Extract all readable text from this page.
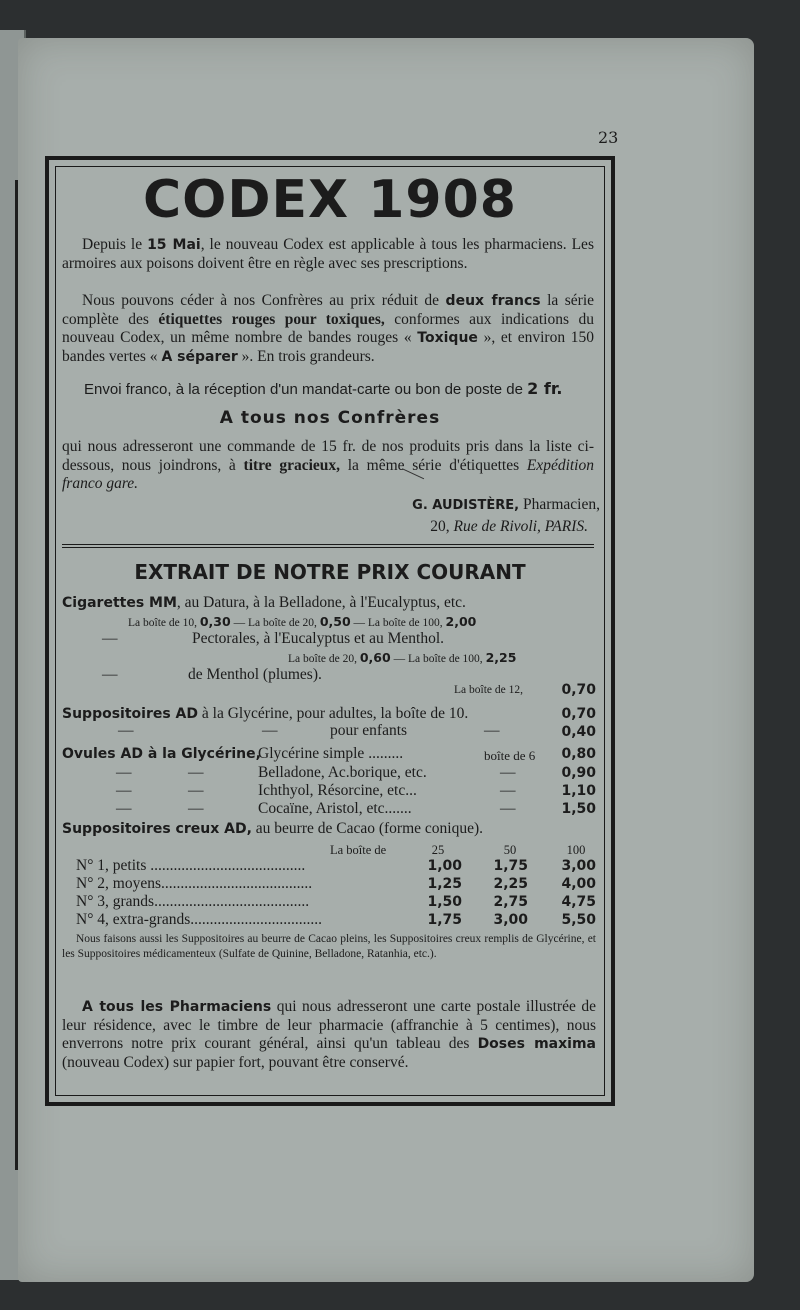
23
CODEX 1908
Depuis le 15 Mai, le nouveau Codex est applicable à tous les pharmaciens. Les armoires aux poisons doivent être en règle avec ses prescriptions.
Nous pouvons céder à nos Confrères au prix réduit de deux francs la série complète des étiquettes rouges pour toxiques, conformes aux indications du nouveau Codex, un même nombre de bandes rouges « Toxique », et environ 150 bandes vertes « A séparer ». En trois grandeurs.
Envoi franco, à la réception d'un mandat-carte ou bon de poste de 2 fr.
A tous nos Confrères
qui nous adresseront une commande de 15 fr. de nos produits pris dans la liste ci-dessous, nous joindrons, à titre gracieux, la même série d'étiquettes Expédition franco gare.
G. AUDISTÈRE, Pharmacien,
20, Rue de Rivoli, PARIS.
EXTRAIT DE NOTRE PRIX COURANT
Cigarettes MM, au Datura, à la Belladone, à l'Eucalyptus, etc.
La boîte de 10, 0,30 — La boîte de 20, 0,50 — La boîte de 100, 2,00
—	Pectorales, à l'Eucalyptus et au Menthol.
La boîte de 20, 0,60 — La boîte de 100, 2,25
—	de Menthol (plumes).
La boîte de 12,	0,70
Suppositoires AD à la Glycérine, pour adultes, la boîte de 10.	0,70
—	—	pour enfants	—	0,40
Ovules AD à la Glycérine,
Glycérine simple .........	boîte de 6	0,80
—	—	Belladone, Ac.borique, etc.	—	0,90
—	—	Ichthyol, Résorcine, etc...	—	1,10
—	—	Cocaïne, Aristol, etc.......	—	1,50
Suppositoires creux AD, au beurre de Cacao (forme conique).
La boîte de	25	50	100
N° 1, petits ........................................	1,00	1,75	3,00
N° 2, moyens.......................................	1,25	2,25	4,00
N° 3, grands........................................	1,50	2,75	4,75
N° 4, extra-grands..................................	1,75	3,00	5,50
Nous faisons aussi les Suppositoires au beurre de Cacao pleins, les Suppositoires creux remplis de Glycérine, et les Suppositoires médicamenteux (Sulfate de Quinine, Belladone, Ratanhia, etc.).
A tous les Pharmaciens qui nous adresseront une carte postale illustrée de leur résidence, avec le timbre de leur pharmacie (affranchie à 5 centimes), nous enverrons notre prix courant général, ainsi qu'un tableau des Doses maxima (nouveau Codex) sur papier fort, pouvant être conservé.
